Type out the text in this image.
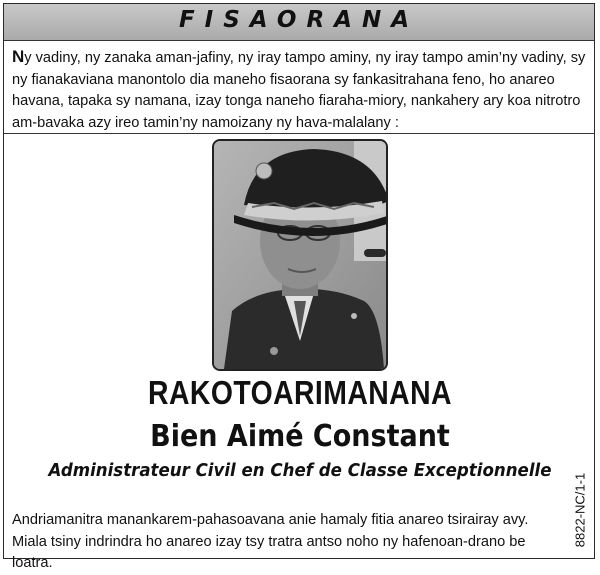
FISAORANA

Ny vadiny, ny zanaka aman-jafiny, ny iray tampo aminy, ny iray tampo amin’ny vadiny, sy ny fianakaviana manontolo dia maneho fisaorana sy fankasitrahana feno, ho anareo havana, tapaka sy namana, izay tonga naneho fiaraha-miory, nankahery ary koa nitrotro am-bavaka azy ireo tamin’ny namoizany ny hava-malalany :

RAKOTOARIMANANA
Bien Aimé Constant
Administrateur Civil en Chef de Classe Exceptionnelle
Andriamanitra manankarem-pahasoavana anie hamaly fitia anareo tsirairay avy.
Miala tsiny indrindra ho anareo izay tsy tratra antso noho ny hafenoan-drano be loatra.
8822-NC/1-1
